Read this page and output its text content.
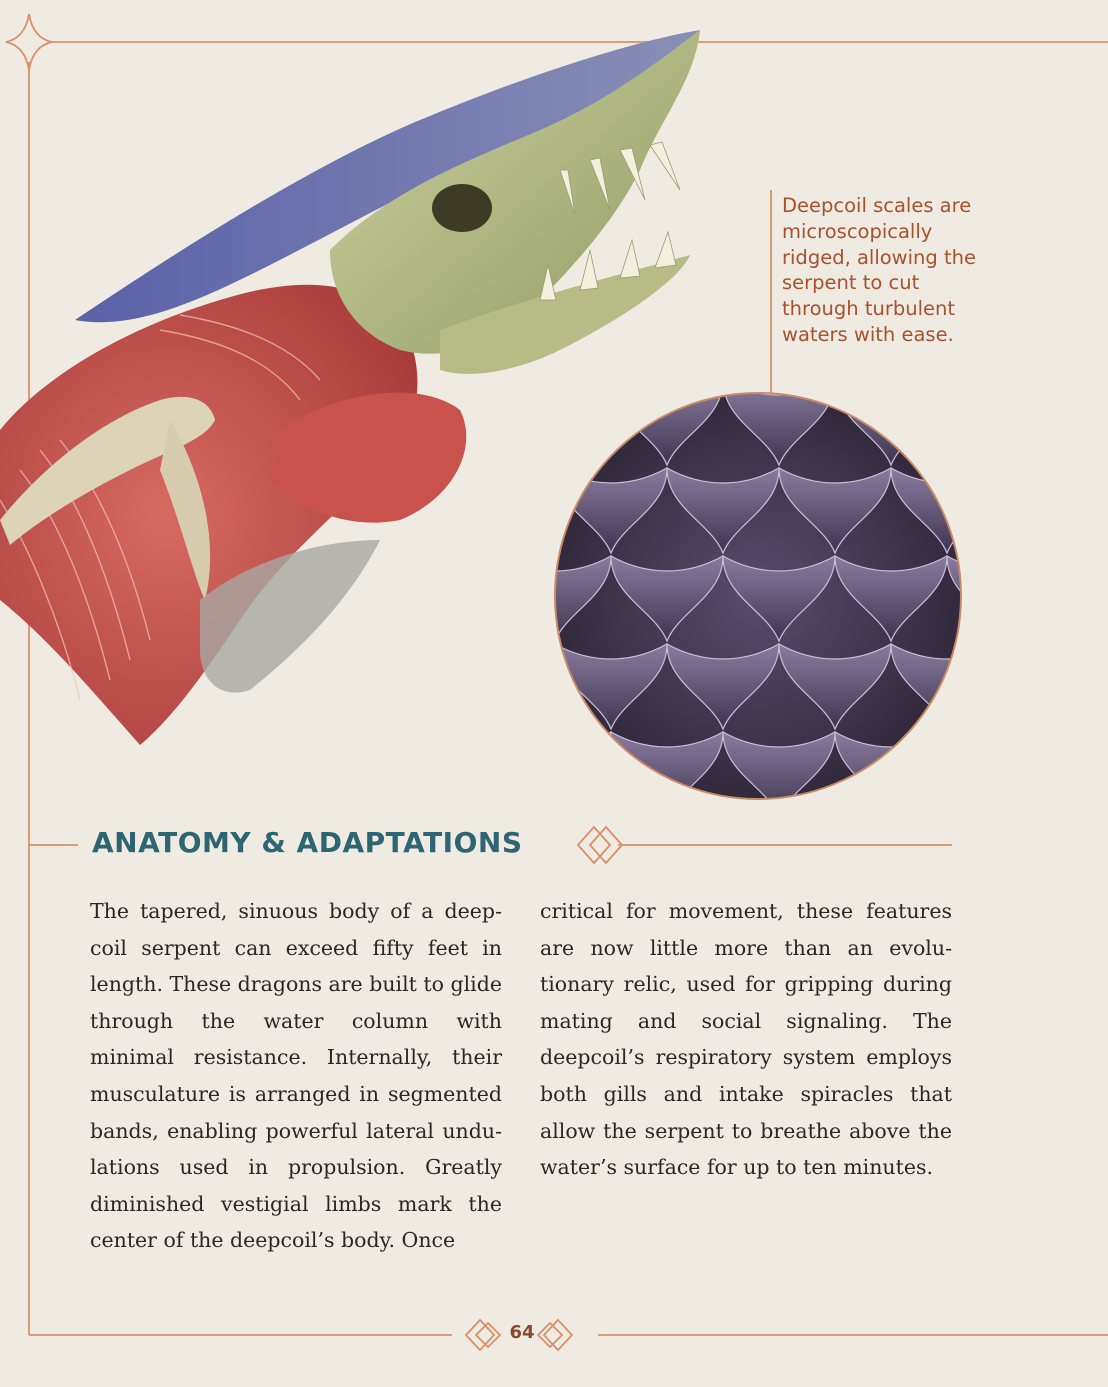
Deepcoil scales are microscopically ridged, allowing the serpent to cut through turbulent waters with ease.

ANATOMY & ADAPTATIONS

The tapered, sinuous body of a deepcoil serpent can exceed fifty feet in length. These dragons are built to glide through the water column with minimal resistance. Internally, their musculature is arranged in segmented bands, enabling powerful lateral undulations used in propulsion. Greatly diminished vestigial limbs mark the center of the deepcoil’s body. Once

critical for movement, these features are now little more than an evolutionary relic, used for gripping during mating and social signaling. The deepcoil’s respiratory system employs both gills and intake spiracles that allow the serpent to breathe above the water’s surface for up to ten minutes.

64
